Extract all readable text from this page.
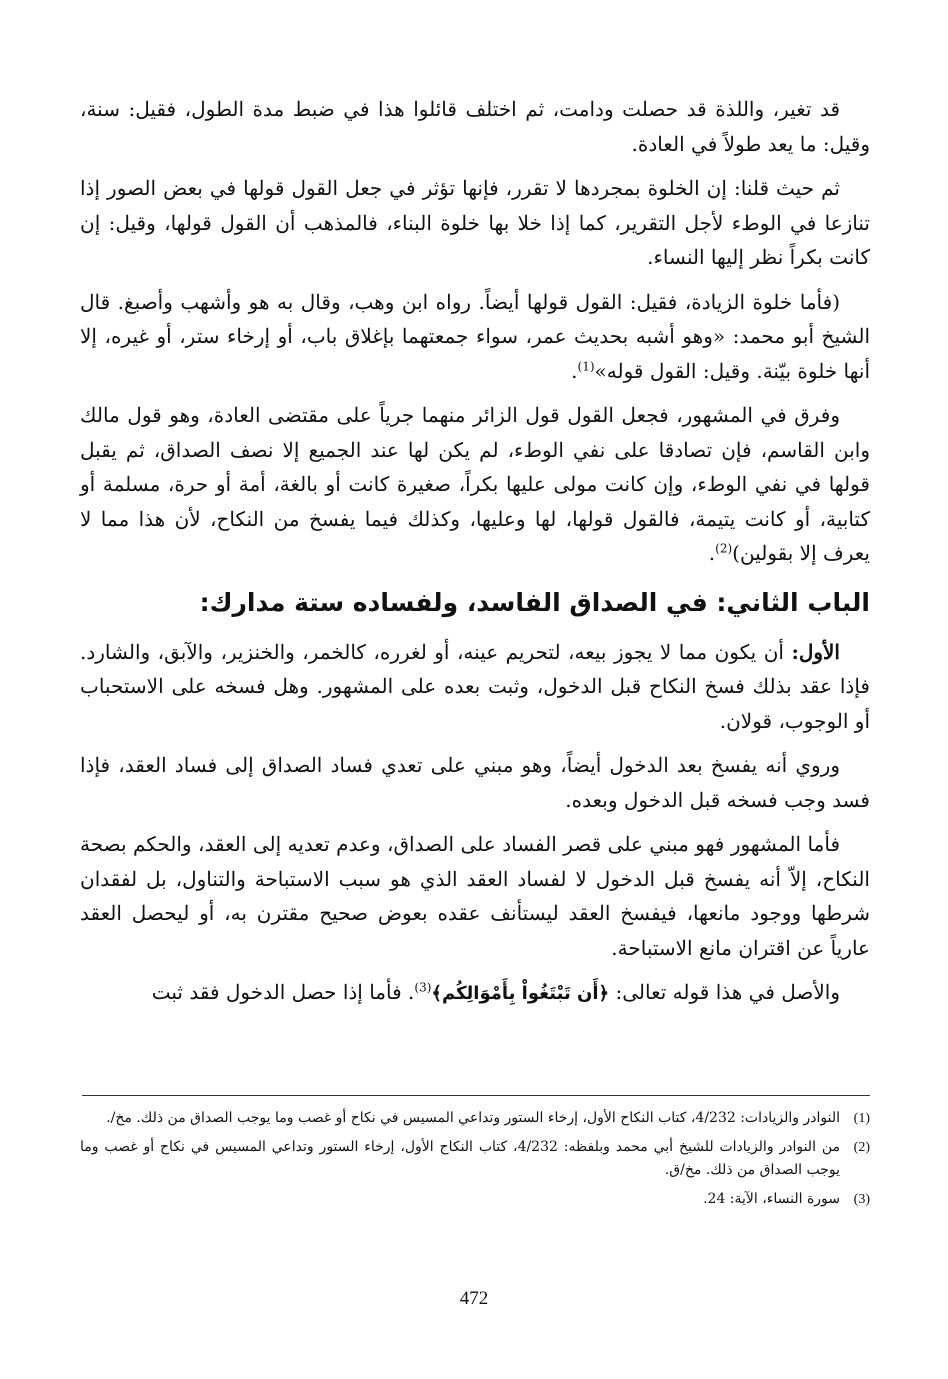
قد تغير، واللذة قد حصلت ودامت، ثم اختلف قائلوا هذا في ضبط مدة الطول، فقيل: سنة، وقيل: ما يعد طولاً في العادة.

ثم حيث قلنا: إن الخلوة بمجردها لا تقرر، فإنها تؤثر في جعل القول قولها في بعض الصور إذا تنازعا في الوطء لأجل التقرير، كما إذا خلا بها خلوة البناء، فالمذهب أن القول قولها، وقيل: إن كانت بكراً نظر إليها النساء.

(فأما خلوة الزيادة، فقيل: القول قولها أيضاً. رواه ابن وهب، وقال به هو وأشهب وأصبغ. قال الشيخ أبو محمد: «وهو أشبه بحديث عمر، سواء جمعتهما بإغلاق باب، أو إرخاء ستر، أو غيره، إلا أنها خلوة بيّنة. وقيل: القول قوله»$^{(1)}$.

وفرق في المشهور، فجعل القول قول الزائر منهما جرياً على مقتضى العادة، وهو قول مالك وابن القاسم، فإن تصادقا على نفي الوطء، لم يكن لها عند الجميع إلا نصف الصداق، ثم يقبل قولها في نفي الوطء، وإن كانت مولى عليها بكراً، صغيرة كانت أو بالغة، أمة أو حرة، مسلمة أو كتابية، أو كانت يتيمة، فالقول قولها، لها وعليها، وكذلك فيما يفسخ من النكاح، لأن هذا مما لا يعرف إلا بقولين)$^{(2)}$.

الباب الثاني: في الصداق الفاسد، ولفساده ستة مدارك:

الأول: أن يكون مما لا يجوز بيعه، لتحريم عينه، أو لغرره، كالخمر، والخنزير، والآبق، والشارد. فإذا عقد بذلك فسخ النكاح قبل الدخول، وثبت بعده على المشهور. وهل فسخه على الاستحباب أو الوجوب، قولان.

وروي أنه يفسخ بعد الدخول أيضاً، وهو مبني على تعدي فساد الصداق إلى فساد العقد، فإذا فسد وجب فسخه قبل الدخول وبعده.

فأما المشهور فهو مبني على قصر الفساد على الصداق، وعدم تعديه إلى العقد، والحكم بصحة النكاح، إلاّ أنه يفسخ قبل الدخول لا لفساد العقد الذي هو سبب الاستباحة والتناول، بل لفقدان شرطها ووجود مانعها، فيفسخ العقد ليستأنف عقده بعوض صحيح مقترن به، أو ليحصل العقد عارياً عن اقتران مانع الاستباحة.

والأصل في هذا قوله تعالى: ﴿أَن تَبْتَغُواْ بِأَمْوَالِكُم﴾$^{(3)}$. فأما إذا حصل الدخول فقد ثبت

(1)
النوادر والزيادات: 4/232، كتاب النكاح الأول، إرخاء الستور وتداعي المسيس في نكاح أو غصب وما يوجب الصداق من ذلك. مخ/.
(2)
من النوادر والزيادات للشيخ أبي محمد وبلفظه: 4/232، كتاب النكاح الأول، إرخاء الستور وتداعي المسيس في نكاح أو غصب وما يوجب الصداق من ذلك. مخ/ق.
(3)
سورة النساء، الآية: 24.
472
